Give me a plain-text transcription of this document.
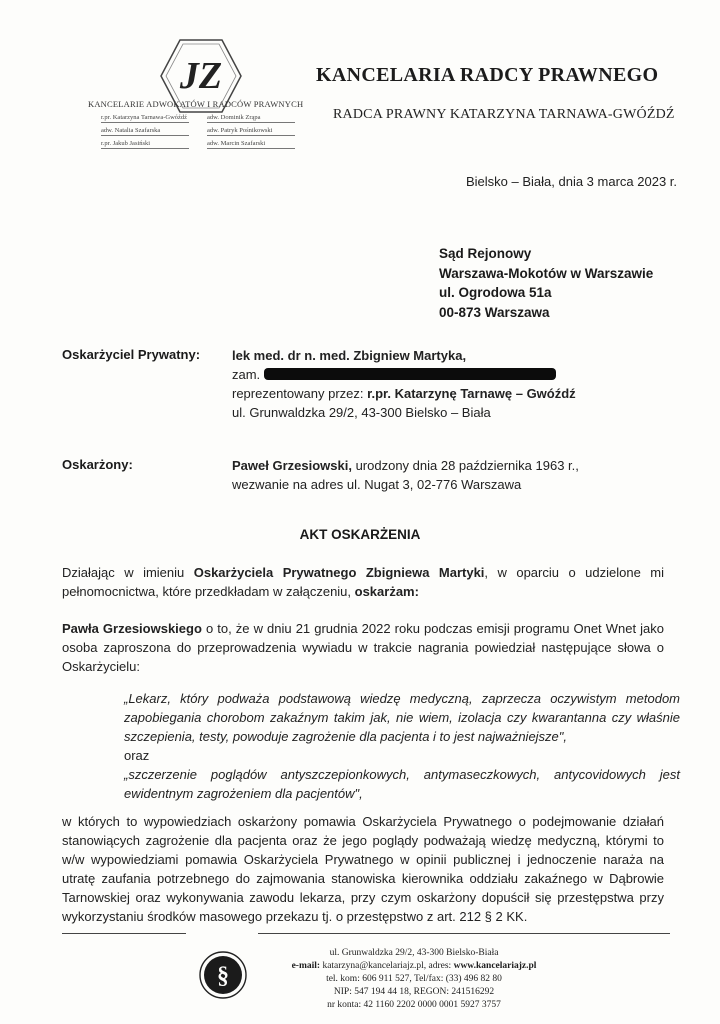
JZ	KANCELARIA RADCY PRAWNEGO
RADCA PRAWNY KATARZYNA TARNAWA-GWÓŹDŹ
KANCELARIE ADWOKATÓW I RADCÓW PRAWNYCH
r.pr. Katarzyna Tarnawa-Gwóźdź
adw. Natalia Szafarska
r.pr. Jakub Jasiński
adw. Dominik Zrąpa
adw. Patryk Pośnikowski
adw. Marcin Szafarski
Bielsko – Biała, dnia 3 marca 2023 r.
Sąd Rejonowy
Warszawa-Mokotów w Warszawie
ul. Ogrodowa 51a
00-873 Warszawa
Oskarżyciel Prywatny: lek med. dr n. med. Zbigniew Martyka,
zam.
reprezentowany przez: r.pr. Katarzynę Tarnawę – Gwóźdź
ul. Grunwaldzka 29/2, 43-300 Bielsko – Biała
Oskarżony:	Paweł Grzesiowski, urodzony dnia 28 października 1963 r.,
wezwanie na adres ul. Nugat 3, 02-776 Warszawa
AKT OSKARŻENIA
Działając w imieniu Oskarżyciela Prywatnego Zbigniewa Martyki, w oparciu o udzielone mi pełnomocnictwa, które przedkładam w załączeniu, oskarżam:
Pawła Grzesiowskiego o to, że w dniu 21 grudnia 2022 roku podczas emisji programu Onet Wnet jako osoba zaproszona do przeprowadzenia wywiadu w trakcie nagrania powiedział następujące słowa o Oskarżycielu:
„Lekarz, który podważa podstawową wiedzę medyczną, zaprzecza oczywistym metodom zapobiegania chorobom zakaźnym takim jak, nie wiem, izolacja czy kwarantanna czy właśnie szczepienia, testy, powoduje zagrożenie dla pacjenta i to jest najważniejsze",
oraz
„szczerzenie poglądów antyszczepionkowych, antymaseczkowych, antycovidowych jest ewidentnym zagrożeniem dla pacjentów",
w których to wypowiedziach oskarżony pomawia Oskarżyciela Prywatnego o podejmowanie działań stanowiących zagrożenie dla pacjenta oraz że jego poglądy podważają wiedzę medyczną, którymi to w/w wypowiedziami pomawia Oskarżyciela Prywatnego w opinii publicznej i jednoczenie naraża na utratę zaufania potrzebnego do zajmowania stanowiska kierownika oddziału zakaźnego w Dąbrowie Tarnowskiej oraz wykonywania zawodu lekarza, przy czym oskarżony dopuścił się przestępstwa przy wykorzystaniu środków masowego przekazu tj. o przestępstwo z art. 212 § 2 KK.
§
ul. Grunwaldzka 29/2, 43-300 Bielsko-Biała
e-mail: katarzyna@kancelariajz.pl, adres: www.kancelariajz.pl
tel. kom: 606 911 527, Tel/fax: (33) 496 82 80
NIP: 547 194 44 18, REGON: 241516292
nr konta: 42 1160 2202 0000 0001 5927 3757
